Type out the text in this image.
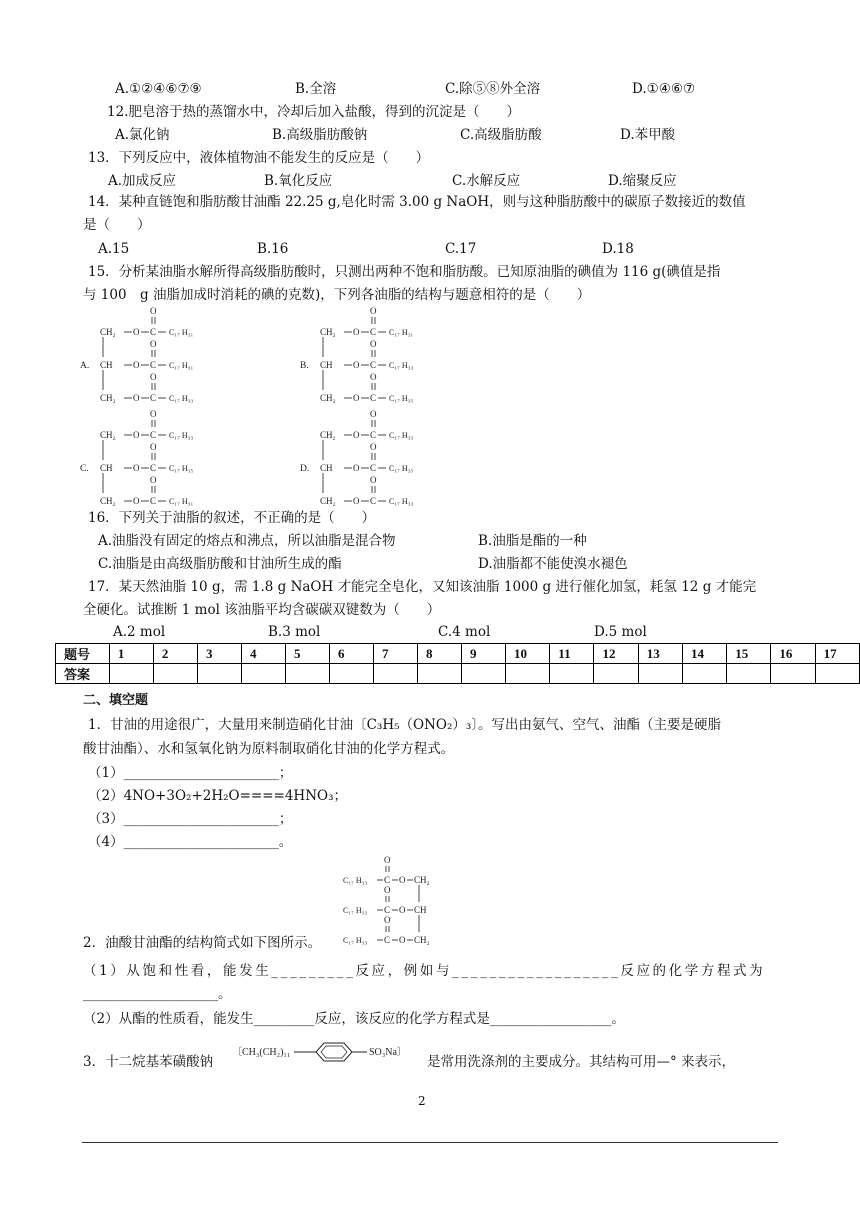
A.①②④⑥⑦⑨	B.全溶	C.除⑤⑧外全溶	D.①④⑥⑦
12.肥皂溶于热的蒸馏水中，冷却后加入盐酸，得到的沉淀是（　　）
A.氯化钠	B.高级脂肪酸钠	C.高级脂肪酸	D.苯甲酸
13．下列反应中，液体植物油不能发生的反应是（　　）
A.加成反应	B.氧化反应	C.水解反应	D.缩聚反应
14．某种直链饱和脂肪酸甘油酯 22.25 g,皂化时需 3.00 g NaOH，则与这种脂肪酸中的碳原子数接近的数值
是（　　）
A.15	B.16	C.17	D.18
15．分析某油脂水解所得高级脂肪酸时，只测出两种不饱和脂肪酸。已知原油脂的碘值为 116 g(碘值是指
与 100　g 油脂加成时消耗的碘的克数)，下列各油脂的结构与题意相符的是（　　）
A.
CH₂ O C C₁₇ H₃₁
O
CH O C C₁₇ H₃₁
O
CH₂ O C C₁₇ H₃₃
O
B.
CH₂ O C C₁₇ H₃₁
O
CH O C C₁₇ H₃₃
O
CH₂ O C C₁₇ H₃₅
O
C.
CH₂ O C C₁₇ H₃₃
O
CH O C C₁₇ H₃₅
O
CH₂ O C C₁₇ H₃₁
O
D.
CH₂ O C C₁₇ H₃₃
O
CH O C C₁₇ H₃₅
O
CH₂ O C C₁₇ H₃₃
O
16．下列关于油脂的叙述，不正确的是（　　）
A.油脂没有固定的熔点和沸点，所以油脂是混合物	B.油脂是酯的一种
C.油脂是由高级脂肪酸和甘油所生成的酯	D.油脂都不能使溴水褪色
17．某天然油脂 10 g，需 1.8 g NaOH 才能完全皂化，又知该油脂 1000 g 进行催化加氢，耗氢 12 g 才能完
全硬化。试推断 1 mol 该油脂平均含碳碳双键数为（　　）
A.2 mol	B.3 mol	C.4 mol	D.5 mol
题号	1	2	3	4	5	6	7	8	9	10	11	12	13	14	15	16	17
答案																	
二、填空题
1．甘油的用途很广，大量用来制造硝化甘油〔C₃H₅（ONO₂）₃〕。写出由氨气、空气、油酯（主要是硬脂
酸甘油酯）、水和氢氧化钠为原料制取硝化甘油的化学方程式。
（1）_______________________；
（2）4NO+3O₂+2H₂O====4HNO₃；
（3）_______________________；
（4）_______________________。
C₁₇ H₃₃ C O CH₂
O
C₁₇ H₃₃ C O CH
O
C₁₇ H₃₃ C O CH₂
O
2．油酸甘油酯的结构简式如下图所示。
（1）从饱和性看，能发生_________反应，例如与__________________反应的化学方程式为
____________________。
（2）从酯的性质看，能发生_________反应，该反应的化学方程式是__________________。
3．十二烷基苯磺酸钠
〔CH₃(CH₂)₁₁	SO₃Na〕
是常用洗涤剂的主要成分。其结构可用—° 来表示，
2
